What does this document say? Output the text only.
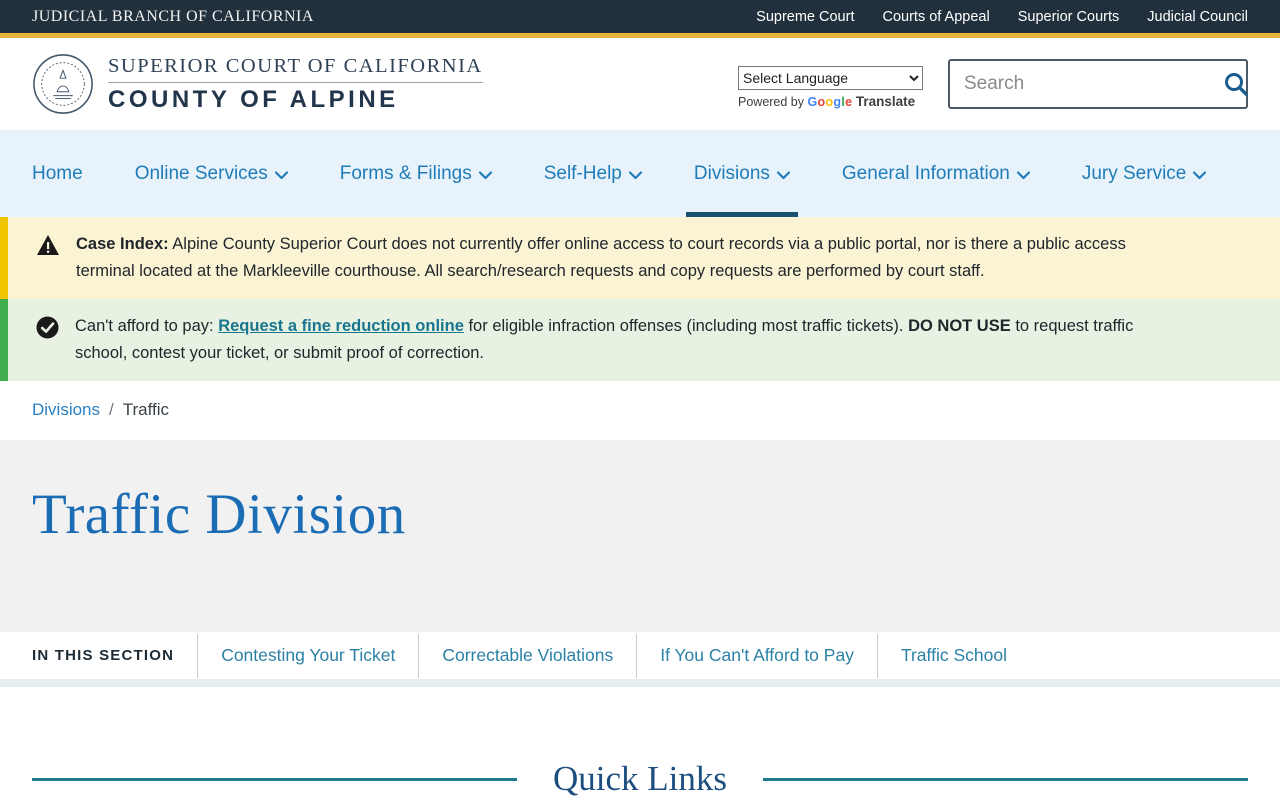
JUDICIAL BRANCH OF CALIFORNIA	Supreme Court Courts of Appeal Superior Courts Judicial Council
SUPERIOR COURT OF CALIFORNIA
COUNTY OF ALPINE
Select Language	Powered by Google Translate
Search
Home	Online Services	Forms & Filings	Self-Help	Divisions	General Information	Jury Service
Case Index: Alpine County Superior Court does not currently offer online access to court records via a public portal, nor is there a public access terminal located at the Markleeville courthouse. All search/research requests and copy requests are performed by court staff.
Can't afford to pay: Request a fine reduction online for eligible infraction offenses (including most traffic tickets). DO NOT USE to request traffic school, contest your ticket, or submit proof of correction.
Divisions / Traffic
Traffic Division
IN THIS SECTION	Contesting Your Ticket	Correctable Violations	If You Can't Afford to Pay	Traffic School
Quick Links
